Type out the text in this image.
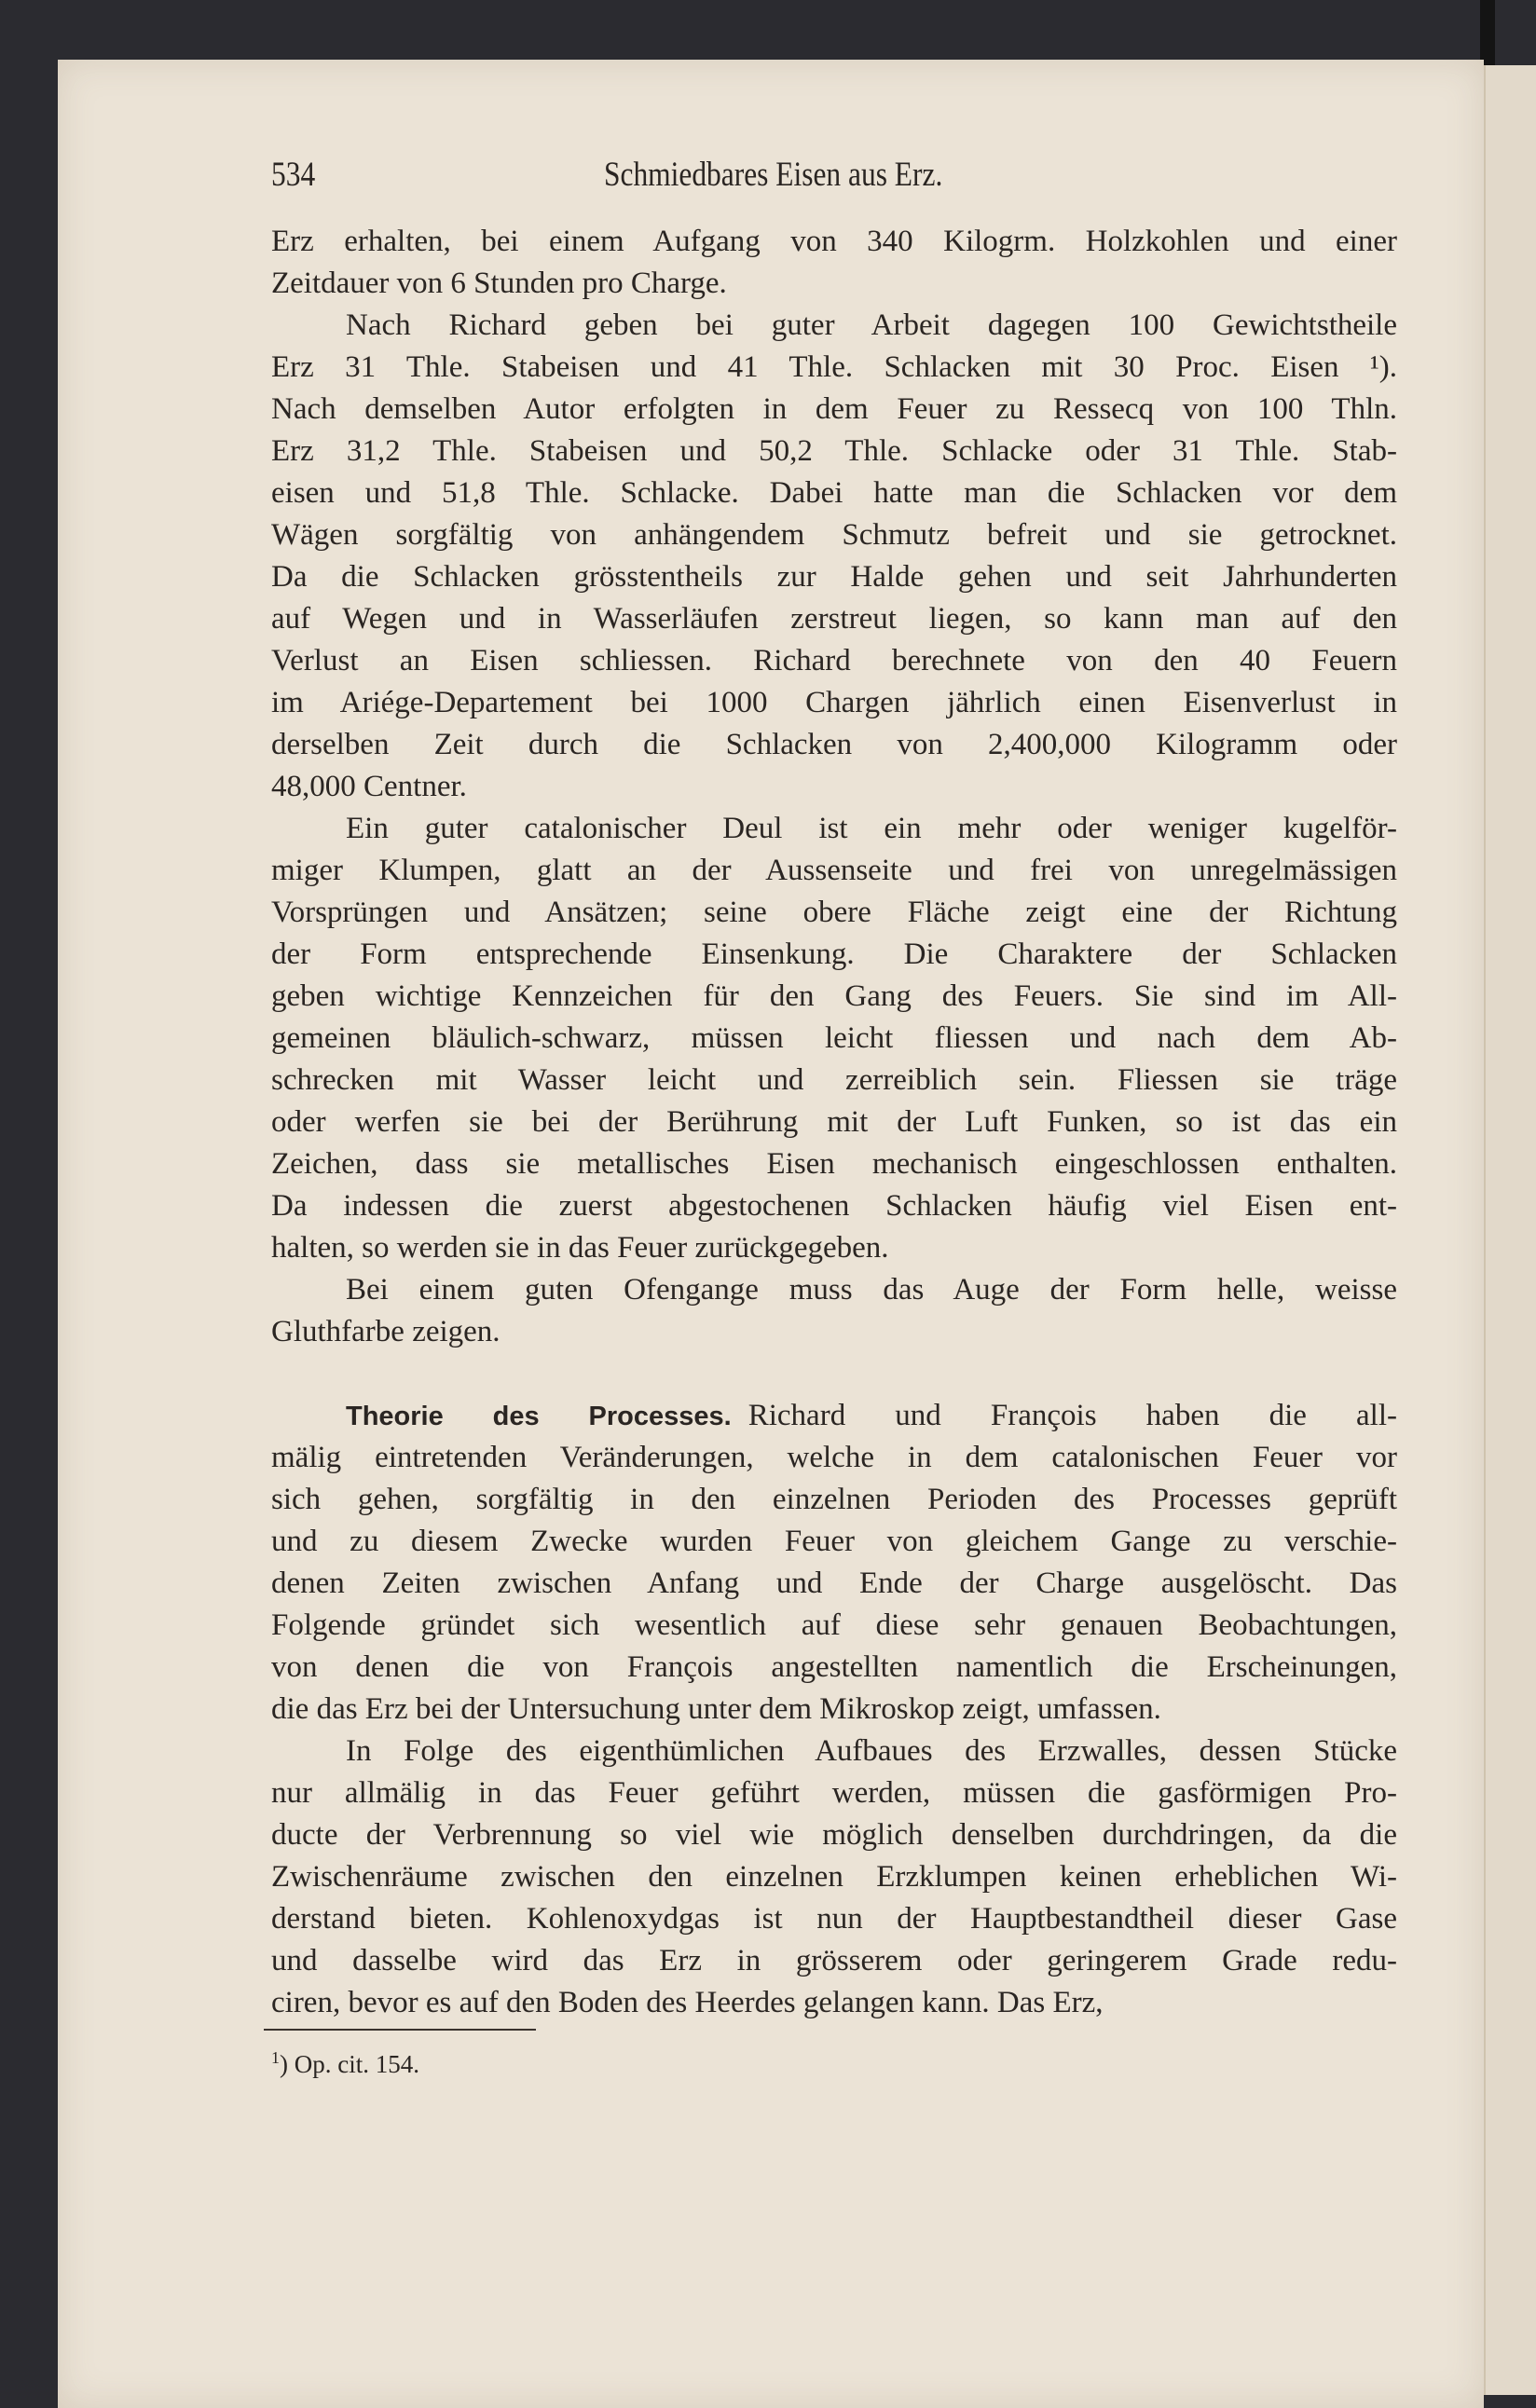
534	Schmiedbares Eisen aus Erz.
Erz erhalten, bei einem Aufgang von 340 Kilogrm. Holzkohlen und einer
Zeitdauer von 6 Stunden pro Charge.
Nach Richard geben bei guter Arbeit dagegen 100 Gewichtstheile
Erz 31 Thle. Stabeisen und 41 Thle. Schlacken mit 30 Proc. Eisen ¹).
Nach demselben Autor erfolgten in dem Feuer zu Ressecq von 100 Thln.
Erz 31,2 Thle. Stabeisen und 50,2 Thle. Schlacke oder 31 Thle. Stab-
eisen und 51,8 Thle. Schlacke. Dabei hatte man die Schlacken vor dem
Wägen sorgfältig von anhängendem Schmutz befreit und sie getrocknet.
Da die Schlacken grösstentheils zur Halde gehen und seit Jahrhunderten
auf Wegen und in Wasserläufen zerstreut liegen, so kann man auf den
Verlust an Eisen schliessen. Richard berechnete von den 40 Feuern
im Ariége-Departement bei 1000 Chargen jährlich einen Eisenverlust in
derselben Zeit durch die Schlacken von 2,400,000 Kilogramm oder
48,000 Centner.
Ein guter catalonischer Deul ist ein mehr oder weniger kugelför-
miger Klumpen, glatt an der Aussenseite und frei von unregelmässigen
Vorsprüngen und Ansätzen; seine obere Fläche zeigt eine der Richtung
der Form entsprechende Einsenkung. Die Charaktere der Schlacken
geben wichtige Kennzeichen für den Gang des Feuers. Sie sind im All-
gemeinen bläulich-schwarz, müssen leicht fliessen und nach dem Ab-
schrecken mit Wasser leicht und zerreiblich sein. Fliessen sie träge
oder werfen sie bei der Berührung mit der Luft Funken, so ist das ein
Zeichen, dass sie metallisches Eisen mechanisch eingeschlossen enthalten.
Da indessen die zuerst abgestochenen Schlacken häufig viel Eisen ent-
halten, so werden sie in das Feuer zurückgegeben.
Bei einem guten Ofengange muss das Auge der Form helle, weisse
Gluthfarbe zeigen.
Theorie des Processes. Richard und François haben die all-
mälig eintretenden Veränderungen, welche in dem catalonischen Feuer vor
sich gehen, sorgfältig in den einzelnen Perioden des Processes geprüft
und zu diesem Zwecke wurden Feuer von gleichem Gange zu verschie-
denen Zeiten zwischen Anfang und Ende der Charge ausgelöscht. Das
Folgende gründet sich wesentlich auf diese sehr genauen Beobachtungen,
von denen die von François angestellten namentlich die Erscheinungen,
die das Erz bei der Untersuchung unter dem Mikroskop zeigt, umfassen.
In Folge des eigenthümlichen Aufbaues des Erzwalles, dessen Stücke
nur allmälig in das Feuer geführt werden, müssen die gasförmigen Pro-
ducte der Verbrennung so viel wie möglich denselben durchdringen, da die
Zwischenräume zwischen den einzelnen Erzklumpen keinen erheblichen Wi-
derstand bieten. Kohlenoxydgas ist nun der Hauptbestandtheil dieser Gase
und dasselbe wird das Erz in grösserem oder geringerem Grade redu-
ciren, bevor es auf den Boden des Heerdes gelangen kann. Das Erz,
$^1$) Op. cit. 154.
